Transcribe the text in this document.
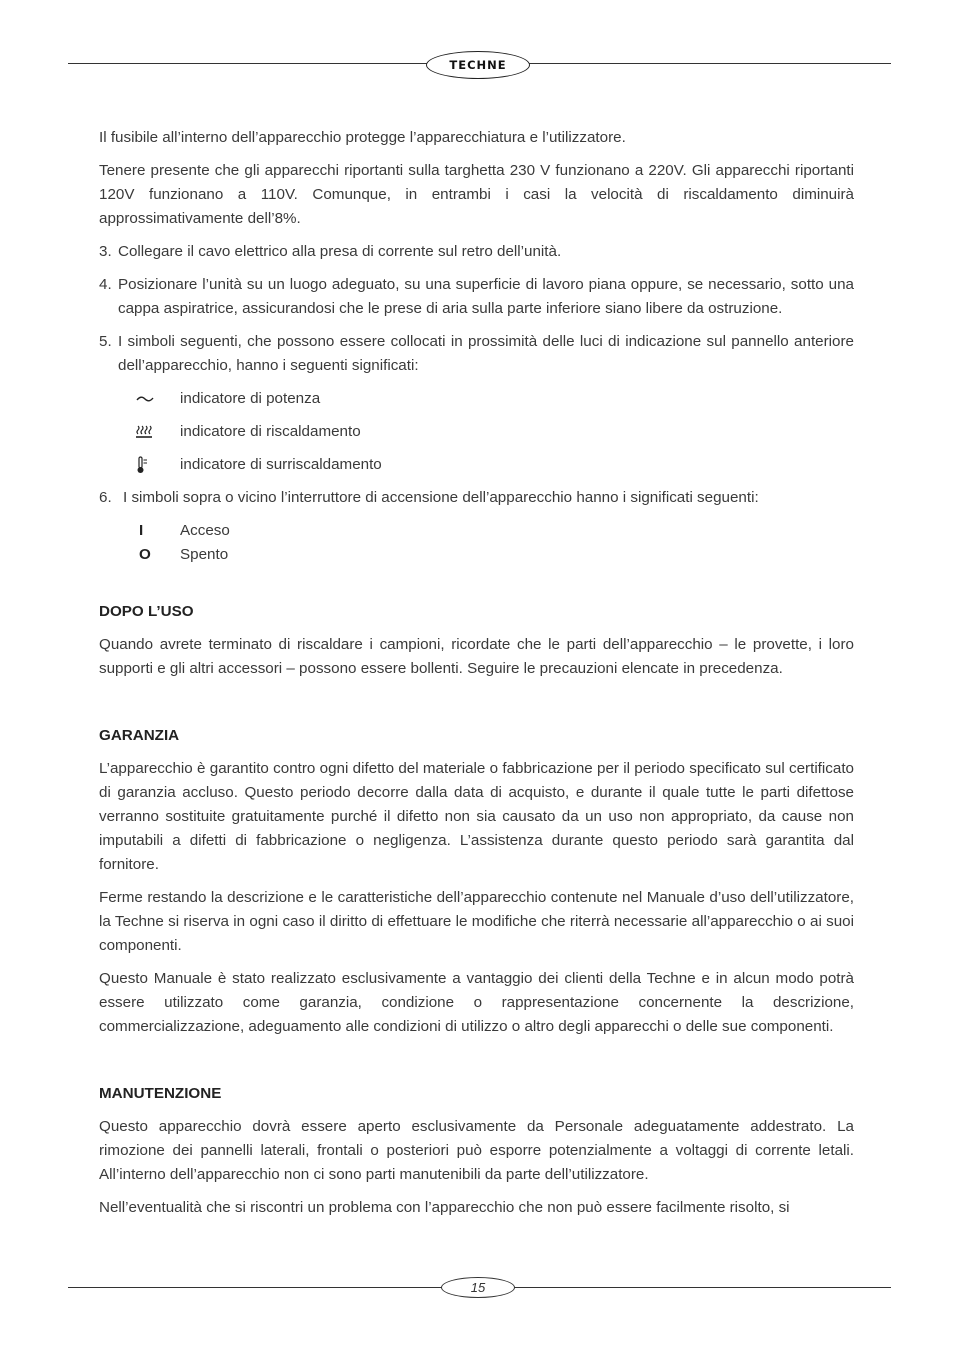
TECHNE

Il fusibile all’interno dell’apparecchio protegge l’apparecchiatura e l’utilizzatore.

Tenere presente che gli apparecchi riportanti sulla targhetta 230 V funzionano a 220V. Gli apparecchi riportanti 120V funzionano a 110V. Comunque, in entrambi i casi la velocità di riscaldamento diminuirà approssimativamente dell’8%.

3. Collegare il cavo elettrico alla presa di corrente sul retro dell’unità.
4. Posizionare l’unità su un luogo adeguato, su una superficie di lavoro piana oppure, se necessario, sotto una cappa aspiratrice, assicurandosi che le prese di aria sulla parte inferiore siano libere da ostruzione.
5. I simboli seguenti, che possono essere collocati in prossimità delle luci di indicazione sul pannello anteriore dell’apparecchio, hanno i seguenti significati:
indicatore di potenza
indicatore di riscaldamento
indicatore di surriscaldamento
6. I simboli sopra o vicino l’interruttore di accensione dell’apparecchio hanno i significati seguenti:
I	Acceso
O	Spento
DOPO L’USO

Quando avrete terminato di riscaldare i campioni, ricordate che le parti dell’apparecchio – le provette, i loro supporti e gli altri accessori – possono essere bollenti. Seguire le precauzioni elencate in precedenza.

GARANZIA

L’apparecchio è garantito contro ogni difetto del materiale o fabbricazione per il periodo specificato sul certificato di garanzia accluso. Questo periodo decorre dalla data di acquisto, e durante il quale tutte le parti difettose verranno sostituite gratuitamente purché il difetto non sia causato da un uso non appropriato, da cause non imputabili a difetti di fabbricazione o negligenza. L’assistenza durante questo periodo sarà garantita dal fornitore.

Ferme restando la descrizione e le caratteristiche dell’apparecchio contenute nel Manuale d’uso dell’utilizzatore, la Techne si riserva in ogni caso il diritto di effettuare le modifiche che riterrà necessarie all’apparecchio o ai suoi componenti.

Questo Manuale è stato realizzato esclusivamente a vantaggio dei clienti della Techne e in alcun modo potrà essere utilizzato come garanzia, condizione o rappresentazione concernente la descrizione, commercializzazione, adeguamento alle condizioni di utilizzo o altro degli apparecchi o delle sue componenti.

MANUTENZIONE

Questo apparecchio dovrà essere aperto esclusivamente da Personale adeguatamente addestrato. La rimozione dei pannelli laterali, frontali o posteriori può esporre potenzialmente a voltaggi di corrente letali. All’interno dell’apparecchio non ci sono parti manutenibili da parte dell’utilizzatore.

Nell’eventualità che si riscontri un problema con l’apparecchio che non può essere facilmente risolto, si

15
